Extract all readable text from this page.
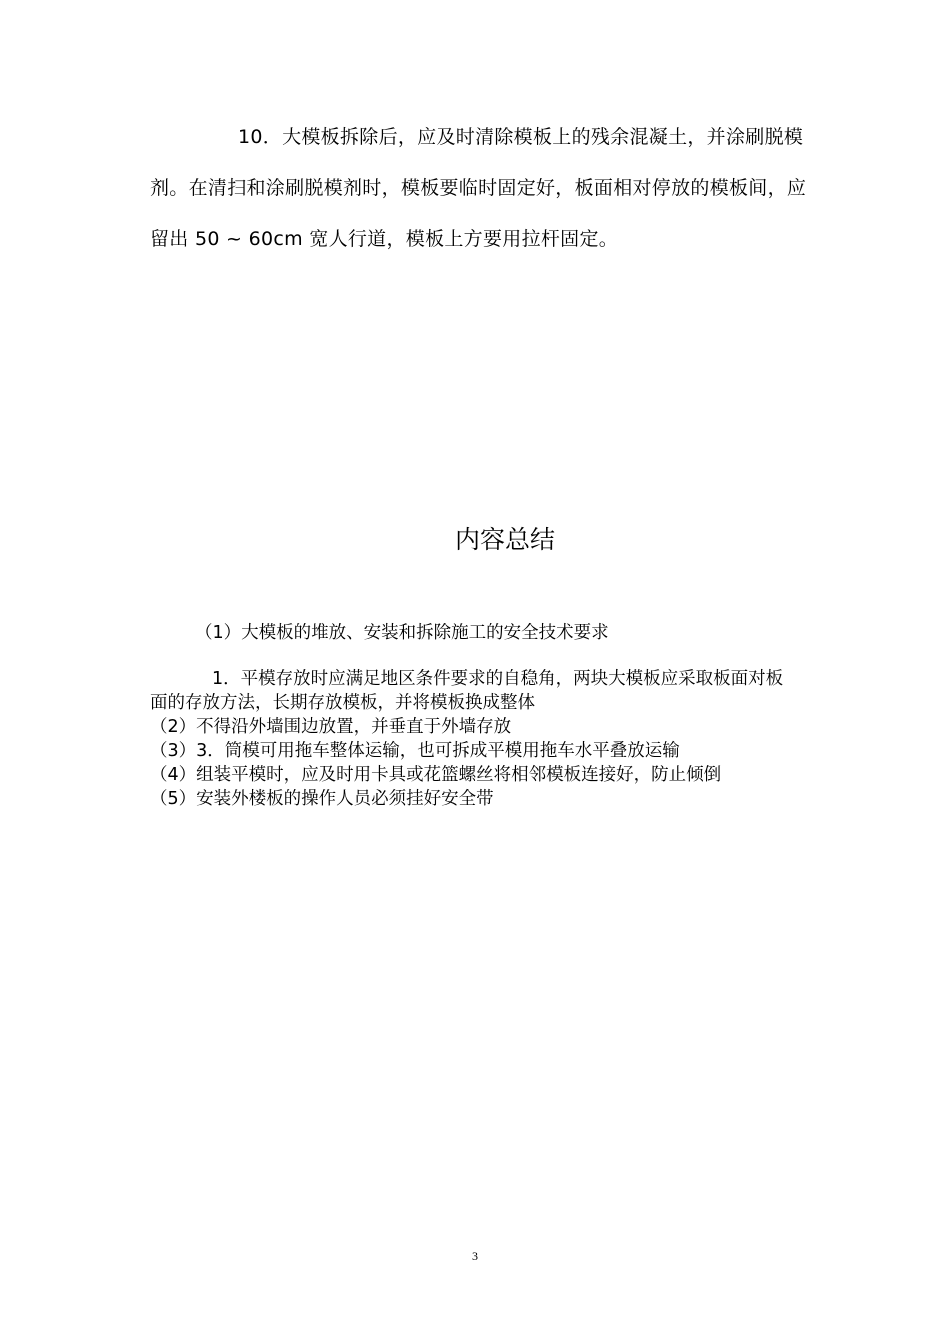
10．大模板拆除后，应及时清除模板上的残余混凝土，并涂刷脱模剂。在清扫和涂刷脱模剂时，模板要临时固定好，板面相对停放的模板间，应留出 50 ~ 60cm 宽人行道，模板上方要用拉杆固定。

内容总结

（1）大模板的堆放、安装和拆除施工的安全技术要求

1．平模存放时应满足地区条件要求的自稳角，两块大模板应采取板面对板面的存放方法，长期存放模板，并将模板换成整体

（2）不得沿外墙围边放置，并垂直于外墙存放

（3）3．筒模可用拖车整体运输，也可拆成平模用拖车水平叠放运输

（4）组装平模时，应及时用卡具或花篮螺丝将相邻模板连接好，防止倾倒

（5）安装外楼板的操作人员必须挂好安全带

3
